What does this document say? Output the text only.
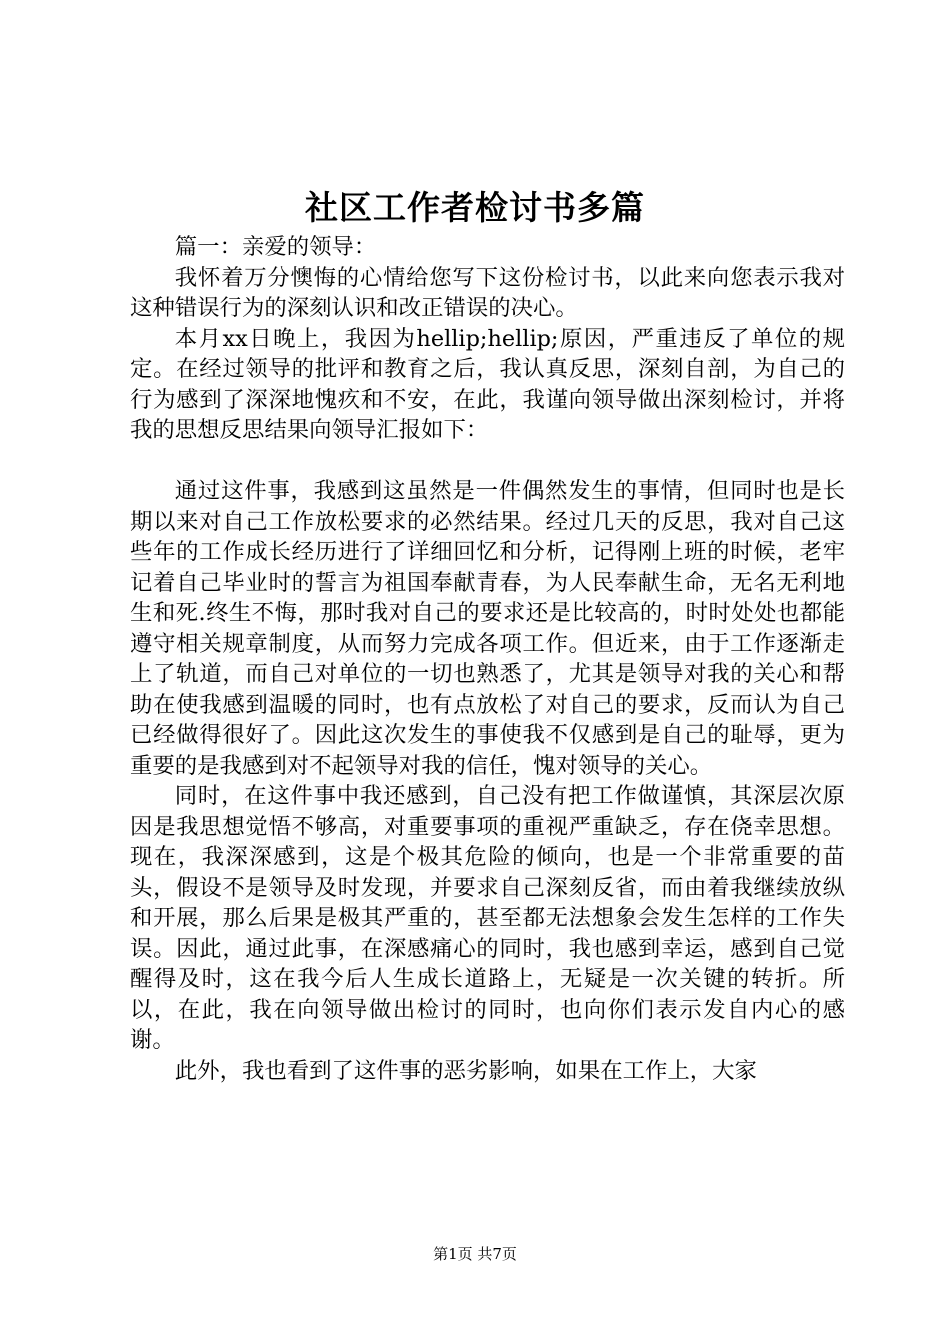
社区工作者检讨书多篇

篇一：亲爱的领导：

我怀着万分懊悔的心情给您写下这份检讨书，以此来向您表示我对这种错误行为的深刻认识和改正错误的决心。

本月xx日晚上，我因为hellip;hellip;原因，严重违反了单位的规定。在经过领导的批评和教育之后，我认真反思，深刻自剖，为自己的行为感到了深深地愧疚和不安，在此，我谨向领导做出深刻检讨，并将我的思想反思结果向领导汇报如下：

通过这件事，我感到这虽然是一件偶然发生的事情，但同时也是长期以来对自己工作放松要求的必然结果。经过几天的反思，我对自己这些年的工作成长经历进行了详细回忆和分析，记得刚上班的时候，老牢记着自己毕业时的誓言为祖国奉献青春，为人民奉献生命，无名无利地生和死.终生不悔，那时我对自己的要求还是比较高的，时时处处也都能遵守相关规章制度，从而努力完成各项工作。但近来，由于工作逐渐走上了轨道，而自己对单位的一切也熟悉了，尤其是领导对我的关心和帮助在使我感到温暖的同时，也有点放松了对自己的要求，反而认为自己已经做得很好了。因此这次发生的事使我不仅感到是自己的耻辱，更为重要的是我感到对不起领导对我的信任，愧对领导的关心。

同时，在这件事中我还感到，自己没有把工作做谨慎，其深层次原因是我思想觉悟不够高，对重要事项的重视严重缺乏，存在侥幸思想。现在，我深深感到，这是个极其危险的倾向，也是一个非常重要的苗头，假设不是领导及时发现，并要求自己深刻反省，而由着我继续放纵和开展，那么后果是极其严重的，甚至都无法想象会发生怎样的工作失误。因此，通过此事，在深感痛心的同时，我也感到幸运，感到自己觉醒得及时，这在我今后人生成长道路上，无疑是一次关键的转折。所以，在此，我在向领导做出检讨的同时，也向你们表示发自内心的感谢。

此外，我也看到了这件事的恶劣影响，如果在工作上，大家

第1页 共7页
